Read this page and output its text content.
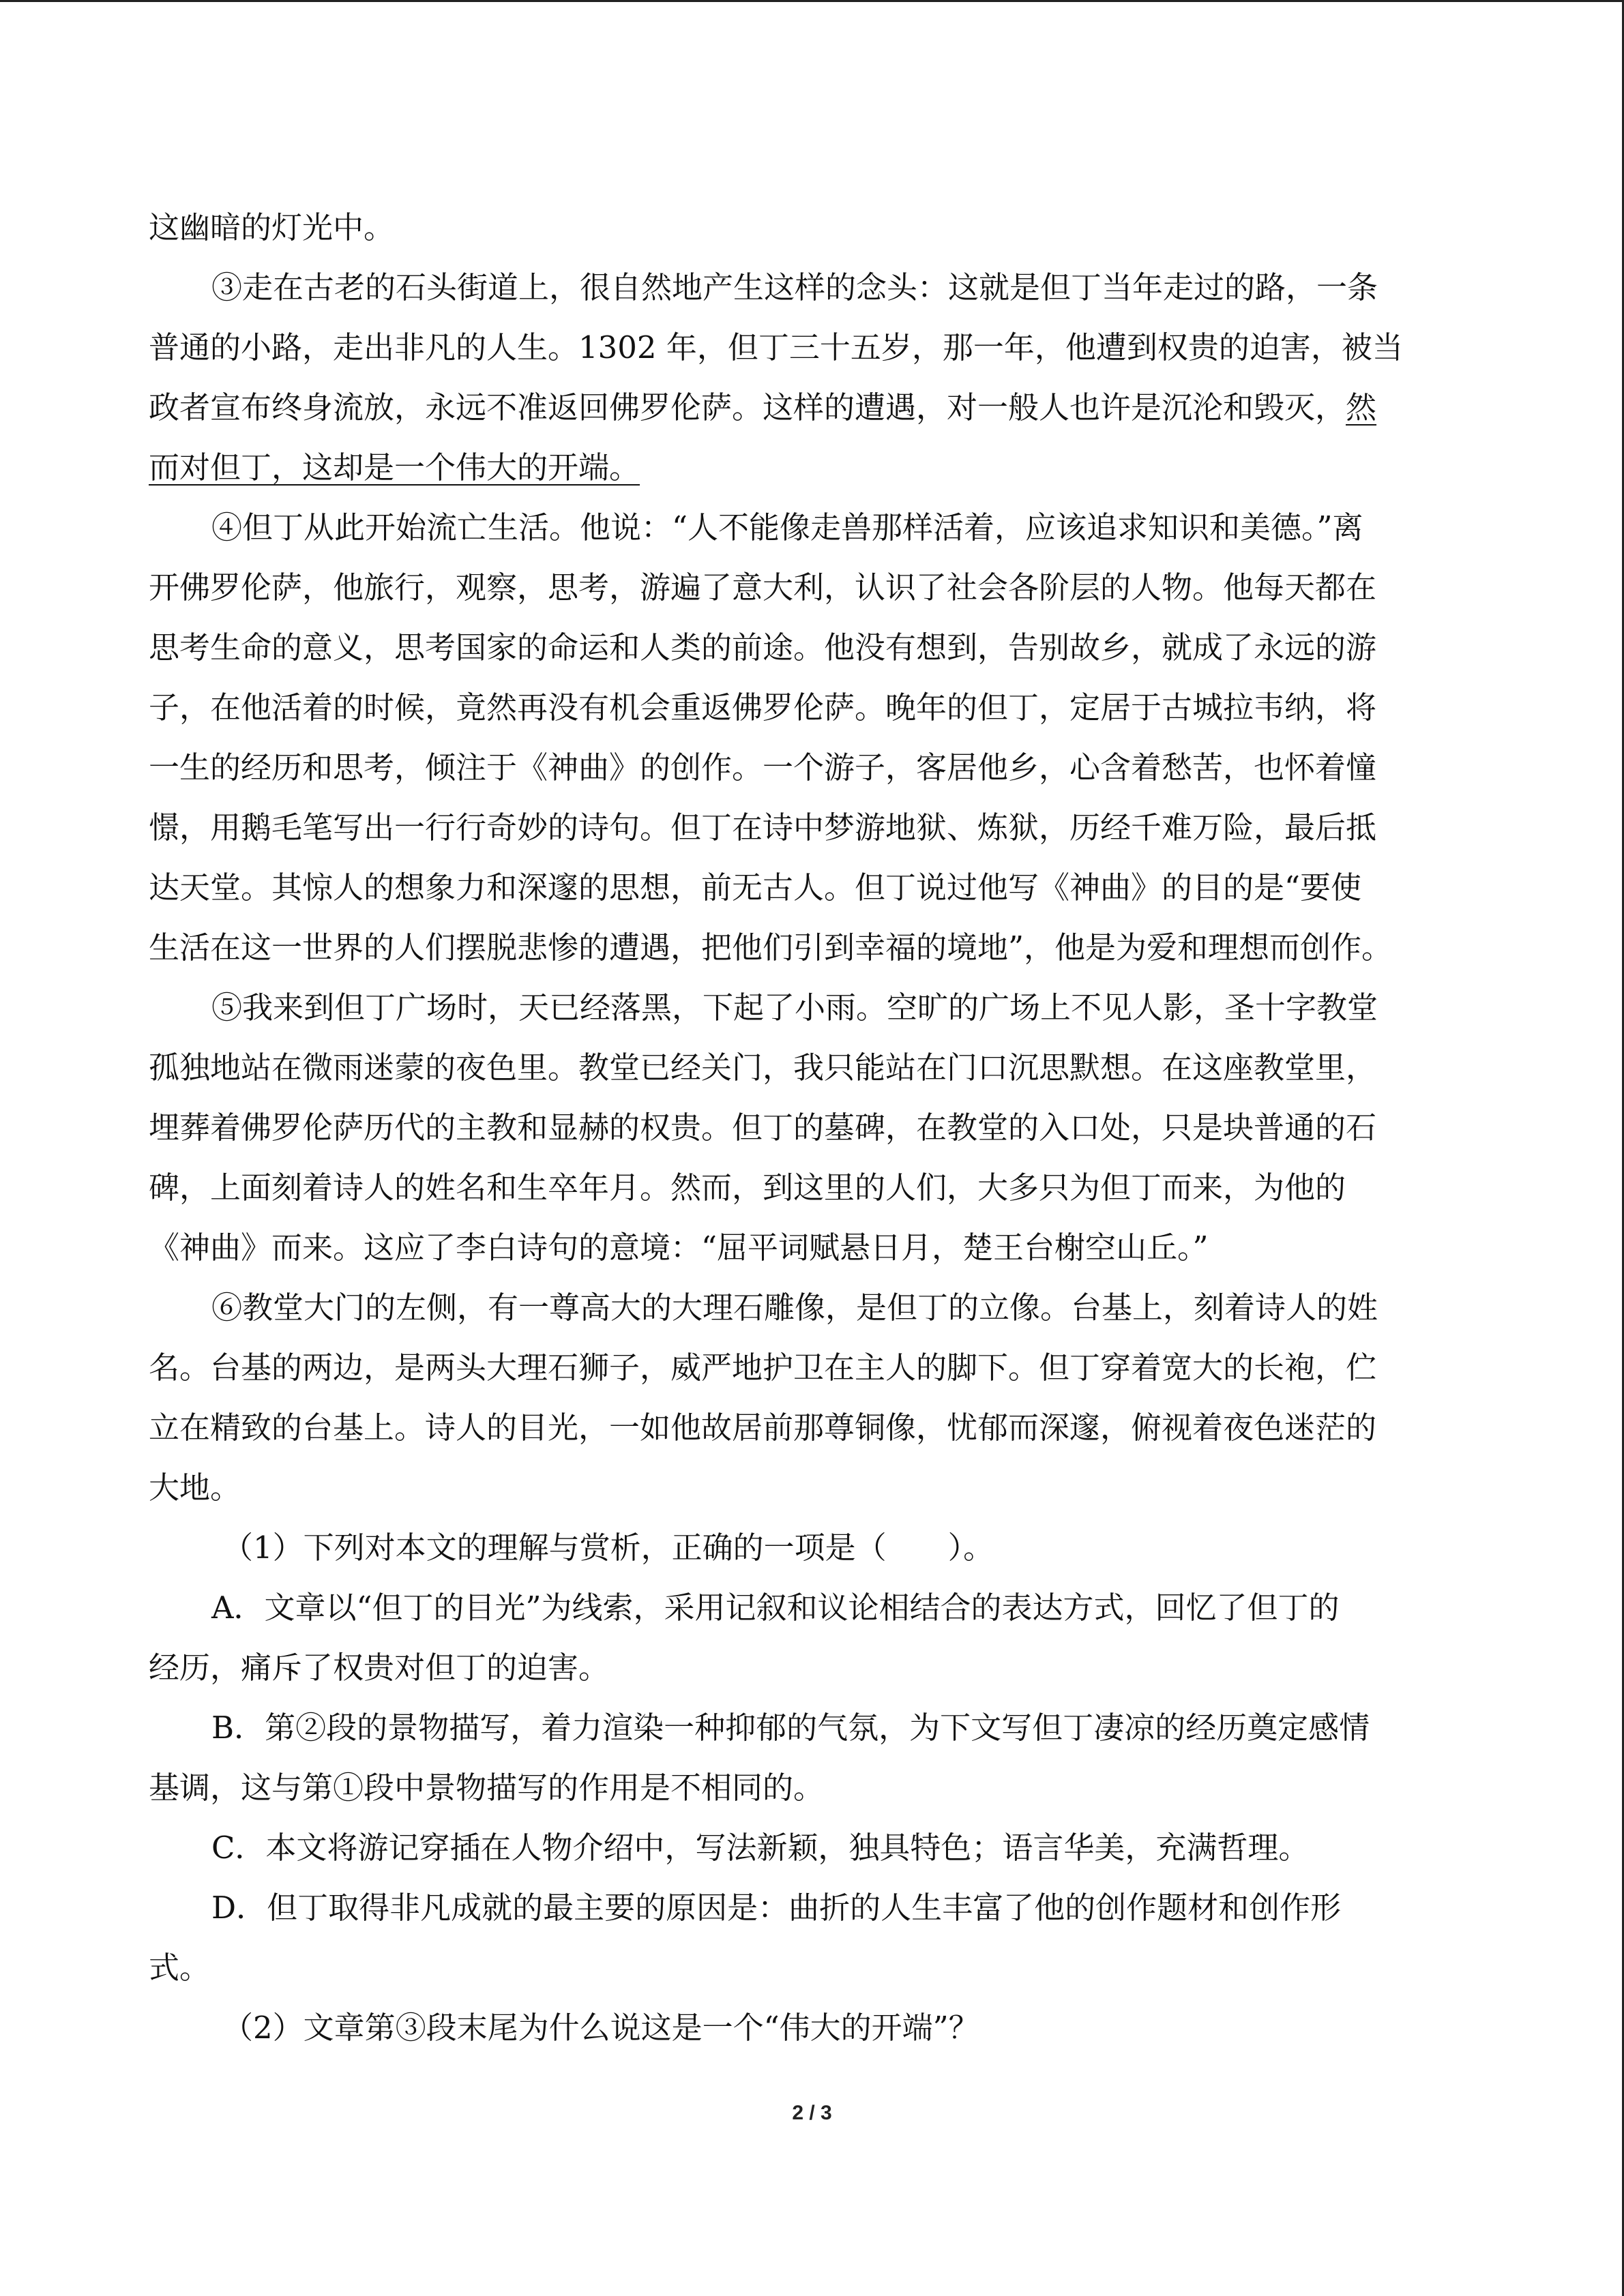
这幽暗的灯光中。
③走在古老的石头街道上，很自然地产生这样的念头：这就是但丁当年走过的路，一条
普通的小路，走出非凡的人生。1302 年，但丁三十五岁，那一年，他遭到权贵的迫害，被当
政者宣布终身流放，永远不准返回佛罗伦萨。这样的遭遇，对一般人也许是沉沦和毁灭，然
而对但丁，这却是一个伟大的开端。
④但丁从此开始流亡生活。他说：“人不能像走兽那样活着，应该追求知识和美德。”离
开佛罗伦萨，他旅行，观察，思考，游遍了意大利，认识了社会各阶层的人物。他每天都在
思考生命的意义，思考国家的命运和人类的前途。他没有想到，告别故乡，就成了永远的游
子，在他活着的时候，竟然再没有机会重返佛罗伦萨。晚年的但丁，定居于古城拉韦纳，将
一生的经历和思考，倾注于《神曲》的创作。一个游子，客居他乡，心含着愁苦，也怀着憧
憬，用鹅毛笔写出一行行奇妙的诗句。但丁在诗中梦游地狱、炼狱，历经千难万险，最后抵
达天堂。其惊人的想象力和深邃的思想，前无古人。但丁说过他写《神曲》的目的是“要使
生活在这一世界的人们摆脱悲惨的遭遇，把他们引到幸福的境地”，他是为爱和理想而创作。
⑤我来到但丁广场时，天已经落黑，下起了小雨。空旷的广场上不见人影，圣十字教堂
孤独地站在微雨迷蒙的夜色里。教堂已经关门，我只能站在门口沉思默想。在这座教堂里，
埋葬着佛罗伦萨历代的主教和显赫的权贵。但丁的墓碑，在教堂的入口处，只是块普通的石
碑，上面刻着诗人的姓名和生卒年月。然而，到这里的人们，大多只为但丁而来，为他的
《神曲》而来。这应了李白诗句的意境：“屈平词赋悬日月，楚王台榭空山丘。”
⑥教堂大门的左侧，有一尊高大的大理石雕像，是但丁的立像。台基上，刻着诗人的姓
名。台基的两边，是两头大理石狮子，威严地护卫在主人的脚下。但丁穿着宽大的长袍，伫
立在精致的台基上。诗人的目光，一如他故居前那尊铜像，忧郁而深邃，俯视着夜色迷茫的
大地。
（1）下列对本文的理解与赏析，正确的一项是（　　）。
A．文章以“但丁的目光”为线索，采用记叙和议论相结合的表达方式，回忆了但丁的
经历，痛斥了权贵对但丁的迫害。
B．第②段的景物描写，着力渲染一种抑郁的气氛，为下文写但丁凄凉的经历奠定感情
基调，这与第①段中景物描写的作用是不相同的。
C．本文将游记穿插在人物介绍中，写法新颖，独具特色；语言华美，充满哲理。
D．但丁取得非凡成就的最主要的原因是：曲折的人生丰富了他的创作题材和创作形
式。
（2）文章第③段末尾为什么说这是一个“伟大的开端”？
2 / 3
